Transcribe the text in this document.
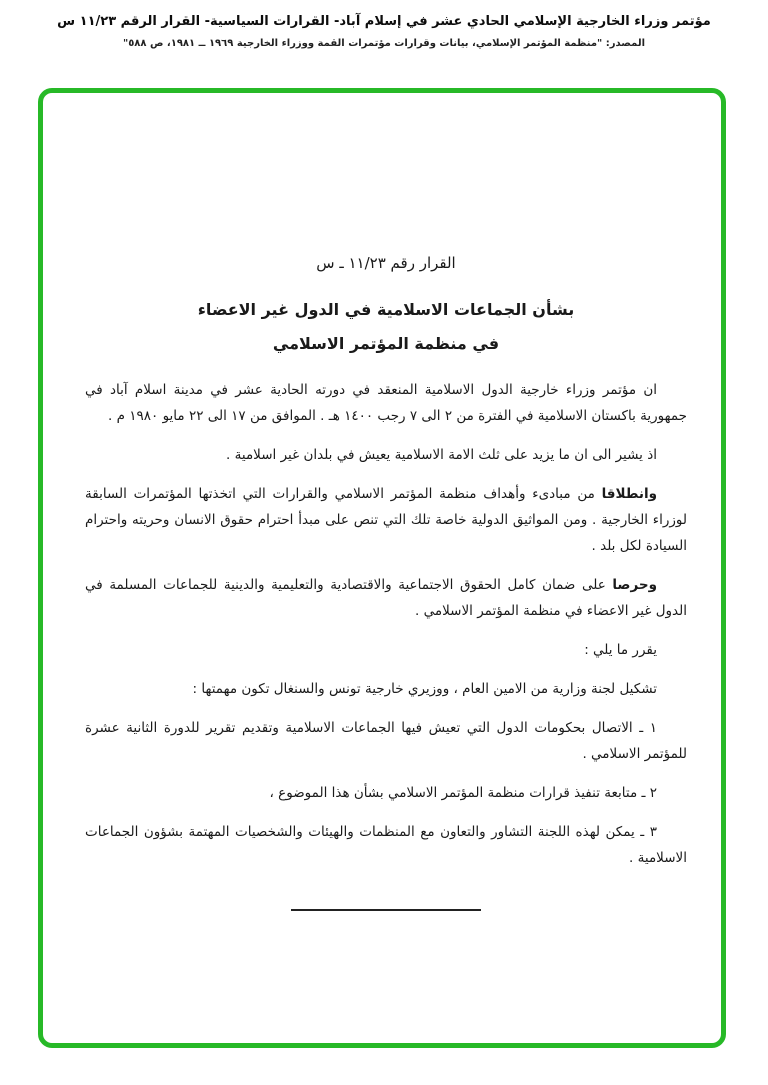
مؤتمر وزراء الخارجية الإسلامي الحادي عشر في إسلام آباد- القرارات السياسية- القرار الرقم ١١/٢٣ س
المصدر: "منظمة المؤتمر الإسلامي، بيانات وقرارات مؤتمرات القمة ووزراء الخارجية ١٩٦٩ ــ ١٩٨١، ص ٥٨٨"
القرار رقم ١١/٢٣ ـ س
بشأن الجماعات الاسلامية في الدول غير الاعضاء
في منظمة المؤتمر الاسلامي

ان مؤتمر وزراء خارجية الدول الاسلامية المنعقد في دورته الحادية عشر في مدينة اسلام آباد في جمهورية باكستان الاسلامية في الفترة من ٢ الى ٧ رجب ١٤٠٠ هـ . الموافق من ١٧ الى ٢٢ مايو ١٩٨٠ م .

اذ يشير الى ان ما يزيد على ثلث الامة الاسلامية يعيش في بلدان غير اسلامية .

وانطلاقا من مبادىء وأهداف منظمة المؤتمر الاسلامي والقرارات التي اتخذتها المؤتمرات السابقة لوزراء الخارجية . ومن المواثيق الدولية خاصة تلك التي تنص على مبدأ احترام حقوق الانسان وحريته واحترام السيادة لكل بلد .

وحرصا على ضمان كامل الحقوق الاجتماعية والاقتصادية والتعليمية والدينية للجماعات المسلمة في الدول غير الاعضاء في منظمة المؤتمر الاسلامي .

يقرر ما يلي :

تشكيل لجنة وزارية من الامين العام ، ووزيري خارجية تونس والسنغال تكون مهمتها :

١ ـ الاتصال بحكومات الدول التي تعيش فيها الجماعات الاسلامية وتقديم تقرير للدورة الثانية عشرة للمؤتمر الاسلامي .

٢ ـ متابعة تنفيذ قرارات منظمة المؤتمر الاسلامي بشأن هذا الموضوع ،

٣ ـ يمكن لهذه اللجنة التشاور والتعاون مع المنظمات والهيئات والشخصيات المهتمة بشؤون الجماعات الاسلامية .
